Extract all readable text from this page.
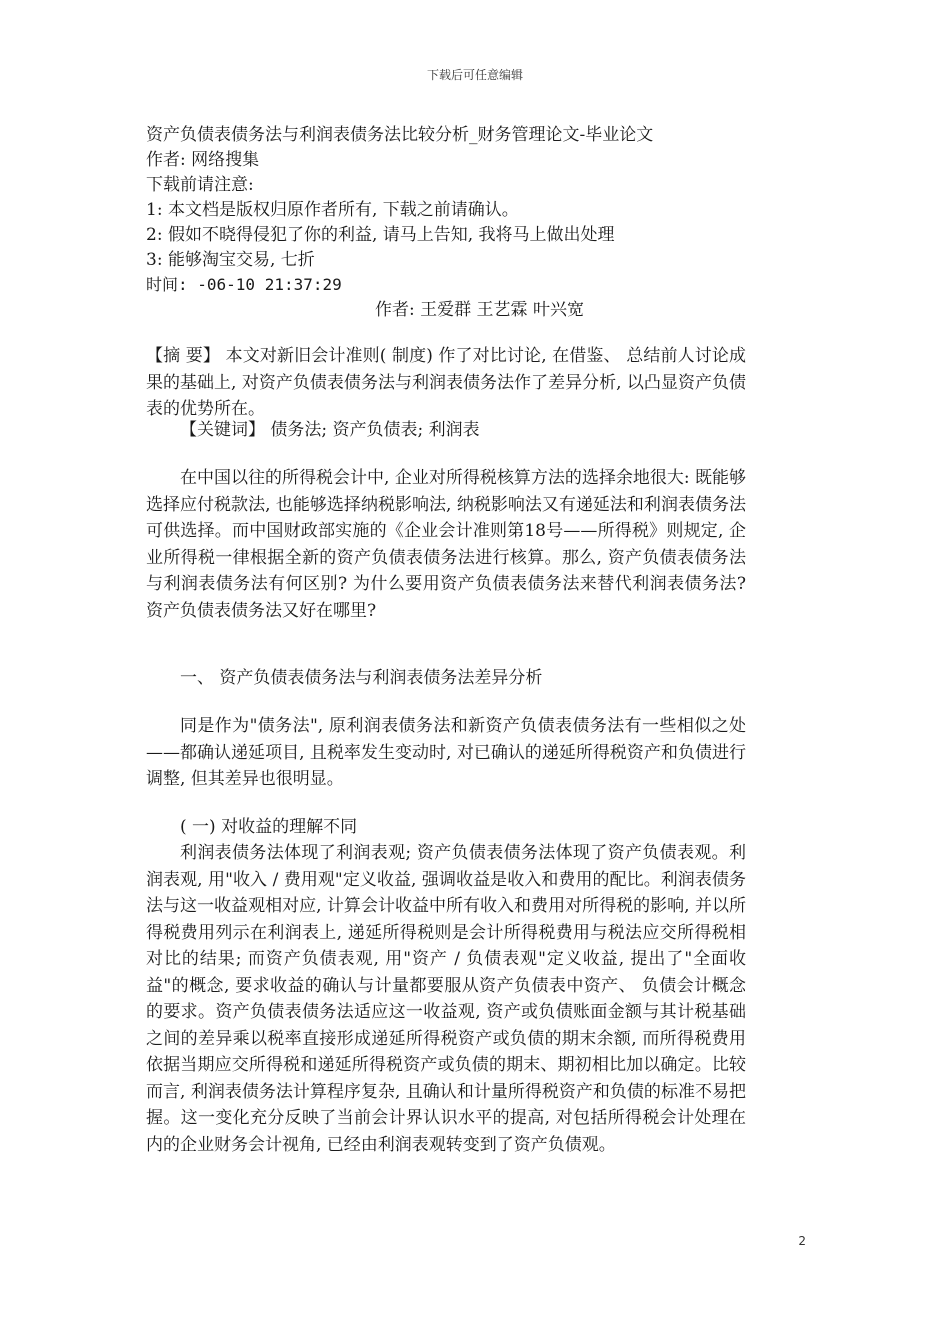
下载后可任意编辑
资产负债表债务法与利润表债务法比较分析_财务管理论文-毕业论文
作者: 网络搜集
下载前请注意:
1: 本文档是版权归原作者所有, 下载之前请确认。
2: 假如不晓得侵犯了你的利益, 请马上告知, 我将马上做出处理
3: 能够淘宝交易, 七折
时间: -06-10 21:37:29
作者: 王爱群 王艺霖 叶兴宽
【摘 要】 本文对新旧会计准则( 制度) 作了对比讨论, 在借鉴、 总结前人讨论成果的基础上, 对资产负债表债务法与利润表债务法作了差异分析, 以凸显资产负债表的优势所在。
【关键词】 债务法; 资产负债表; 利润表
在中国以往的所得税会计中, 企业对所得税核算方法的选择余地很大: 既能够选择应付税款法, 也能够选择纳税影响法, 纳税影响法又有递延法和利润表债务法可供选择。而中国财政部实施的《企业会计准则第18号——所得税》则规定, 企业所得税一律根据全新的资产负债表债务法进行核算。那么, 资产负债表债务法与利润表债务法有何区别? 为什么要用资产负债表债务法来替代利润表债务法? 资产负债表债务法又好在哪里?
一、 资产负债表债务法与利润表债务法差异分析
同是作为"债务法", 原利润表债务法和新资产负债表债务法有一些相似之处——都确认递延项目, 且税率发生变动时, 对已确认的递延所得税资产和负债进行调整, 但其差异也很明显。
( 一) 对收益的理解不同
利润表债务法体现了利润表观; 资产负债表债务法体现了资产负债表观。利润表观, 用"收入 / 费用观"定义收益, 强调收益是收入和费用的配比。利润表债务法与这一收益观相对应, 计算会计收益中所有收入和费用对所得税的影响, 并以所得税费用列示在利润表上, 递延所得税则是会计所得税费用与税法应交所得税相对比的结果; 而资产负债表观, 用"资产 / 负债表观"定义收益, 提出了"全面收益"的概念, 要求收益的确认与计量都要服从资产负债表中资产、 负债会计概念的要求。资产负债表债务法适应这一收益观, 资产或负债账面金额与其计税基础之间的差异乘以税率直接形成递延所得税资产或负债的期末余额, 而所得税费用依据当期应交所得税和递延所得税资产或负债的期末、期初相比加以确定。比较而言, 利润表债务法计算程序复杂, 且确认和计量所得税资产和负债的标准不易把握。这一变化充分反映了当前会计界认识水平的提高, 对包括所得税会计处理在内的企业财务会计视角, 已经由利润表观转变到了资产负债观。
2
